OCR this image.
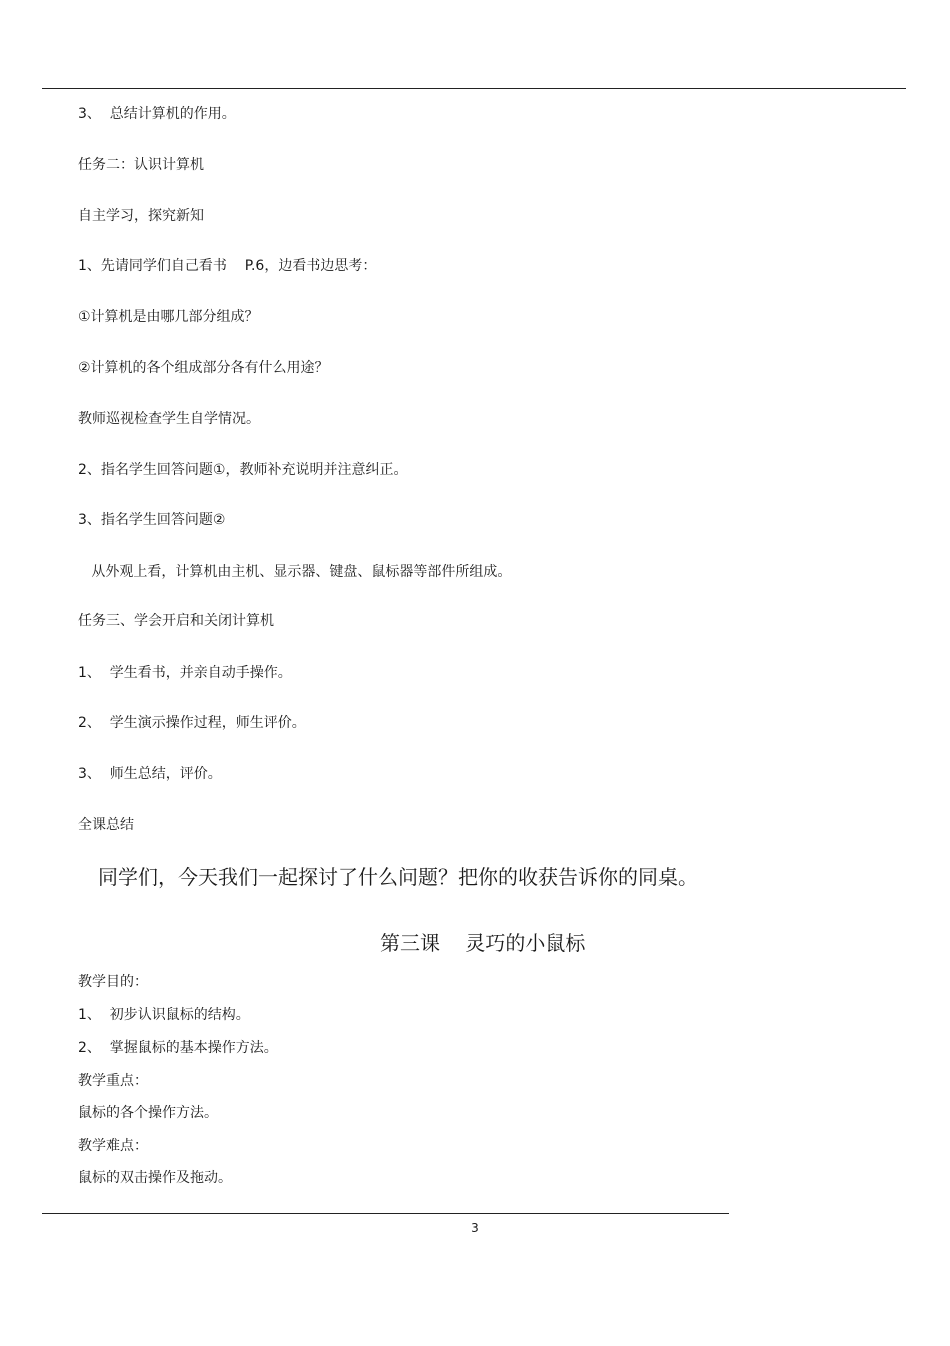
3、  总结计算机的作用。
任务二：认识计算机
自主学习，探究新知
1、先请同学们自己看书    P.6，边看书边思考：
①计算机是由哪几部分组成？
②计算机的各个组成部分各有什么用途？
教师巡视检查学生自学情况。
2、指名学生回答问题①，教师补充说明并注意纠正。
3、指名学生回答问题②
从外观上看，计算机由主机、显示器、键盘、鼠标器等部件所组成。
任务三、学会开启和关闭计算机
1、  学生看书，并亲自动手操作。
2、  学生演示操作过程，师生评价。
3、  师生总结，评价。
全课总结
同学们，今天我们一起探讨了什么问题？把你的收获告诉你的同桌。
第三课    灵巧的小鼠标
教学目的：
1、  初步认识鼠标的结构。
2、  掌握鼠标的基本操作方法。
教学重点：
鼠标的各个操作方法。
教学难点：
鼠标的双击操作及拖动。
3
